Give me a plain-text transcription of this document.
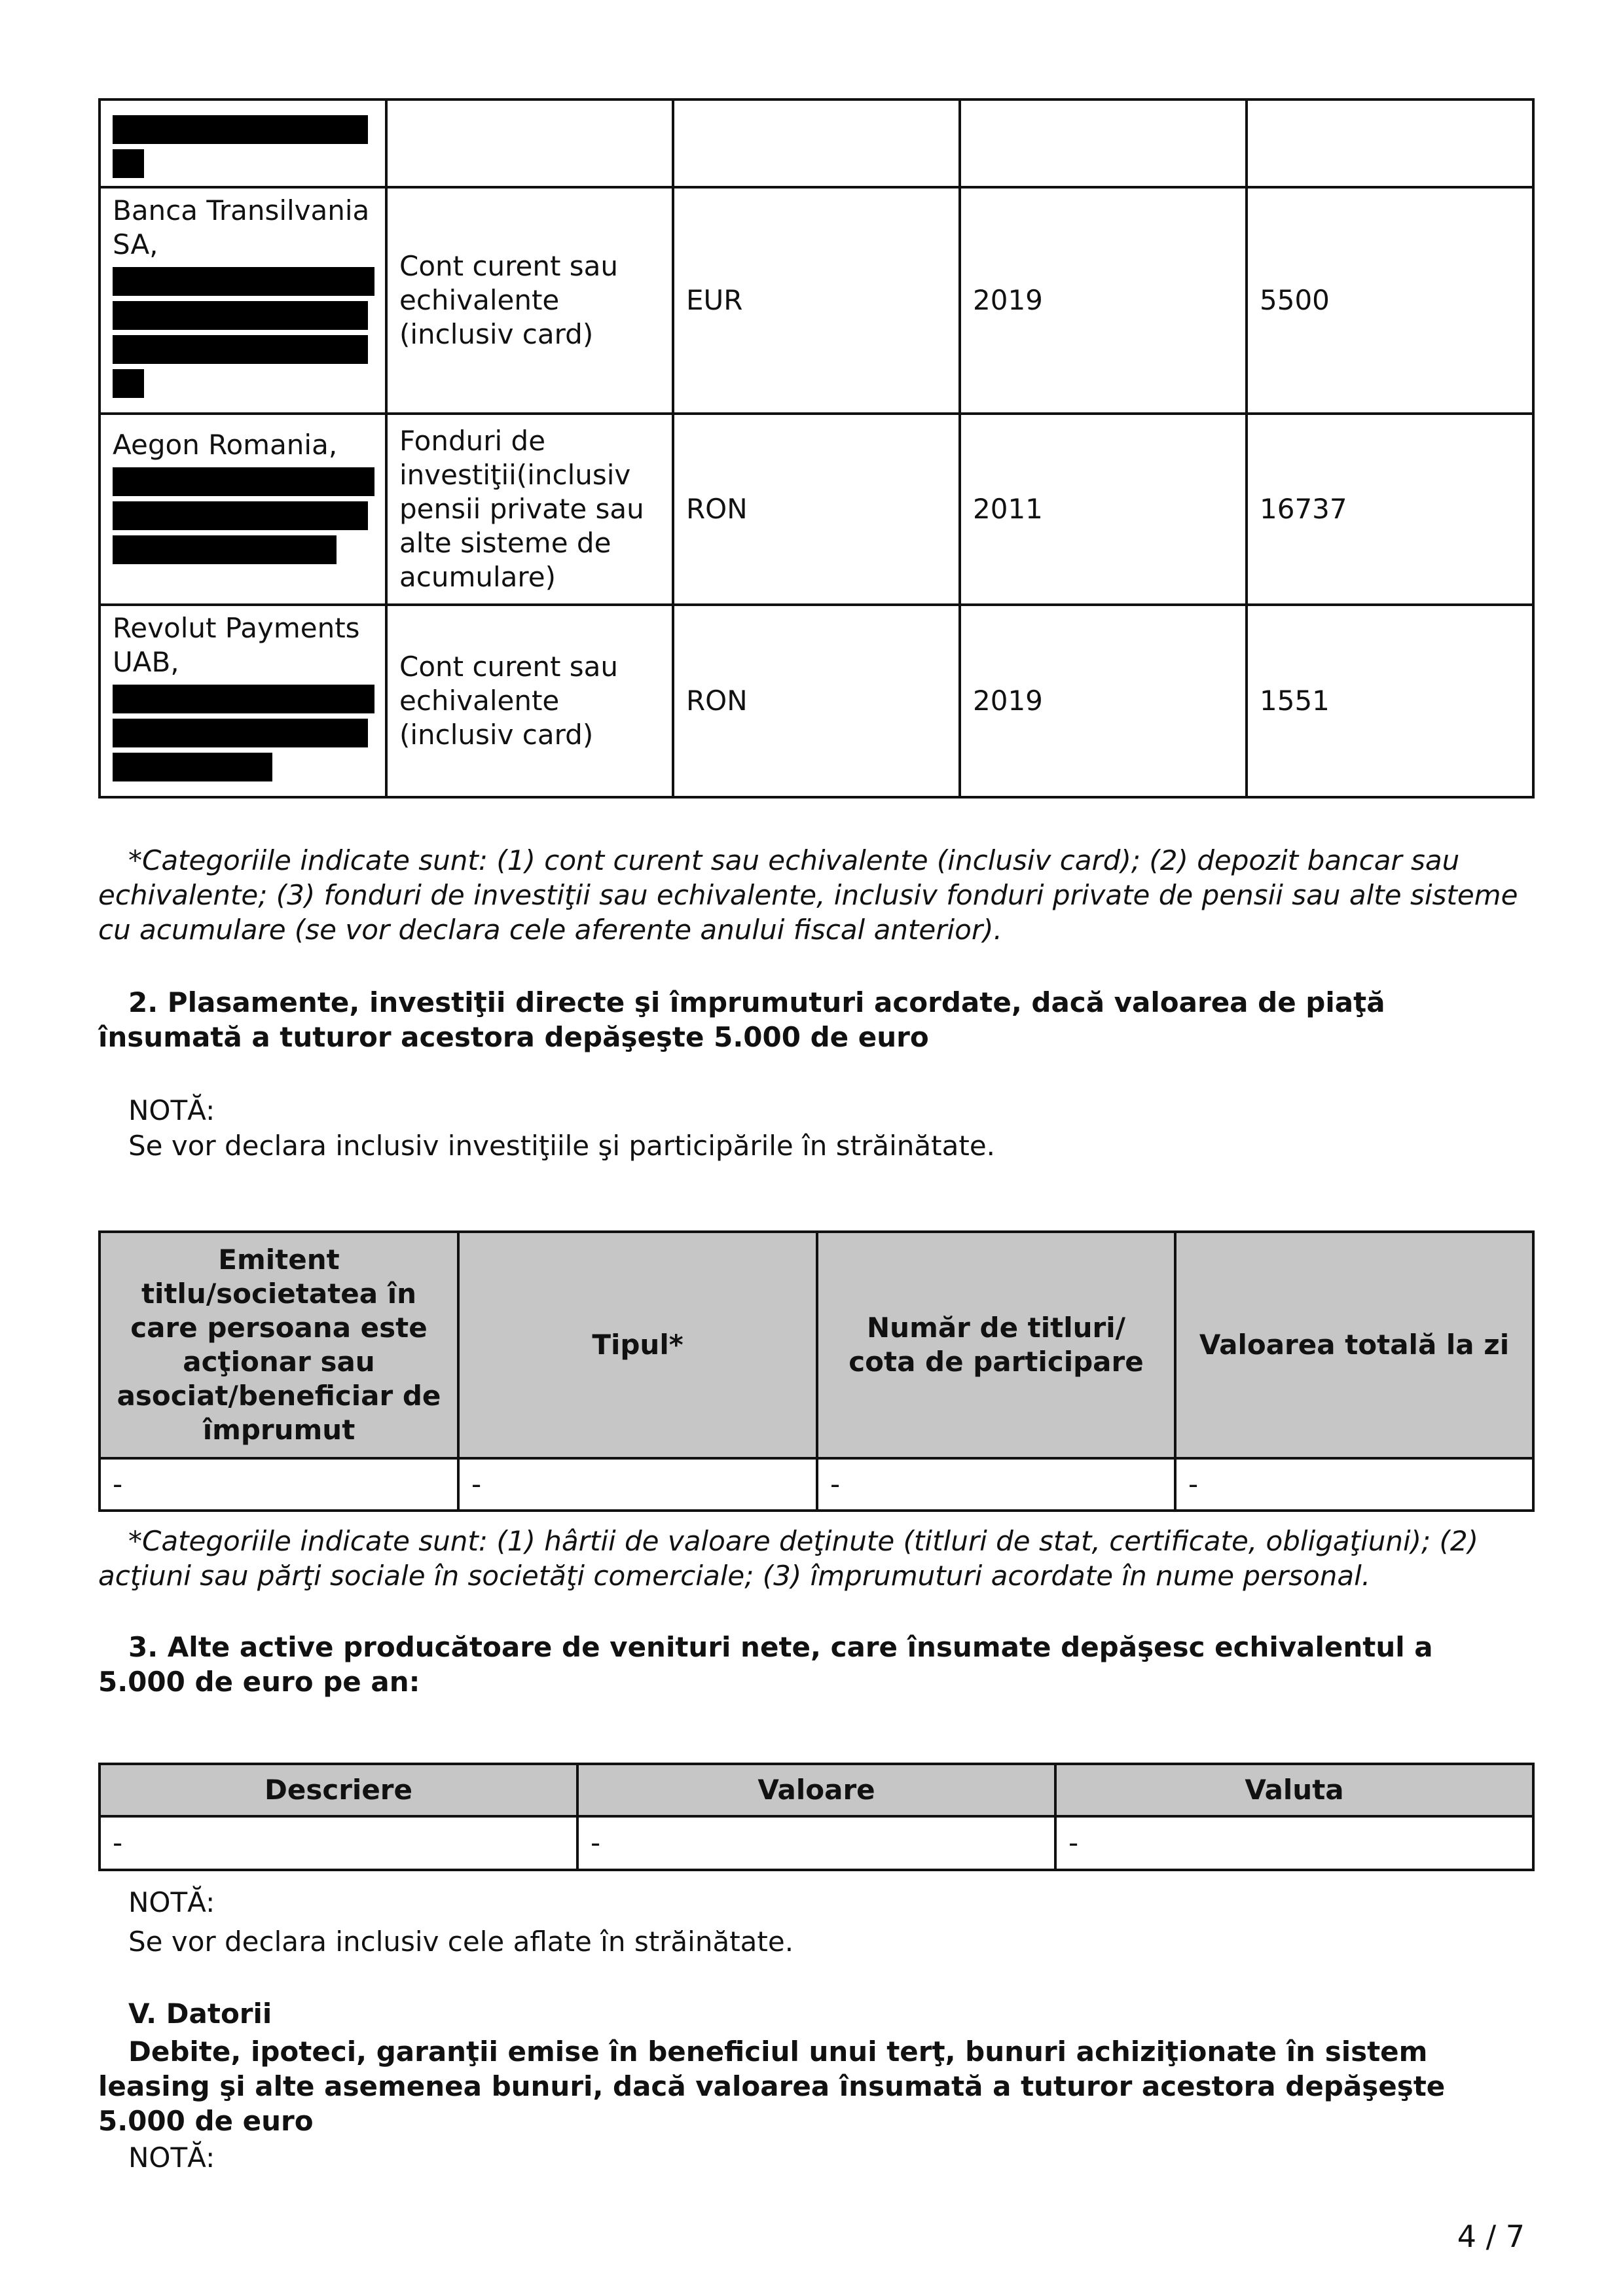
Banca Transilvania SA,	Cont curent sau echivalente (inclusiv card)	EUR	2019	5500

Aegon Romania,	Fonduri de investiţii(inclusiv pensii private sau alte sisteme de acumulare)	RON	2011	16737

Revolut Payments UAB,	Cont curent sau echivalente (inclusiv card)	RON	2019	1551
*Categoriile indicate sunt: (1) cont curent sau echivalente (inclusiv card); (2) depozit bancar sau echivalente; (3) fonduri de investiţii sau echivalente, inclusiv fonduri private de pensii sau alte sisteme cu acumulare (se vor declara cele aferente anului fiscal anterior).
2. Plasamente, investiţii directe şi împrumuturi acordate, dacă valoarea de piaţă însumată a tuturor acestora depăşeşte 5.000 de euro
NOTĂ:
Se vor declara inclusiv investiţiile şi participările în străinătate.
Emitent titlu/societatea în care persoana este acţionar sau asociat/beneficiar de împrumut	Tipul*	Număr de titluri/ cota de participare	Valoarea totală la zi
-	-	-	-
*Categoriile indicate sunt: (1) hârtii de valoare deţinute (titluri de stat, certificate, obligaţiuni); (2) acţiuni sau părţi sociale în societăţi comerciale; (3) împrumuturi acordate în nume personal.
3. Alte active producătoare de venituri nete, care însumate depăşesc echivalentul a 5.000 de euro pe an:
Descriere	Valoare	Valuta
-	-	-
NOTĂ:
Se vor declara inclusiv cele aflate în străinătate.
V. Datorii
Debite, ipoteci, garanţii emise în beneficiul unui terţ, bunuri achiziţionate în sistem leasing şi alte asemenea bunuri, dacă valoarea însumată a tuturor acestora depăşeşte 5.000 de euro
NOTĂ:
4 / 7
